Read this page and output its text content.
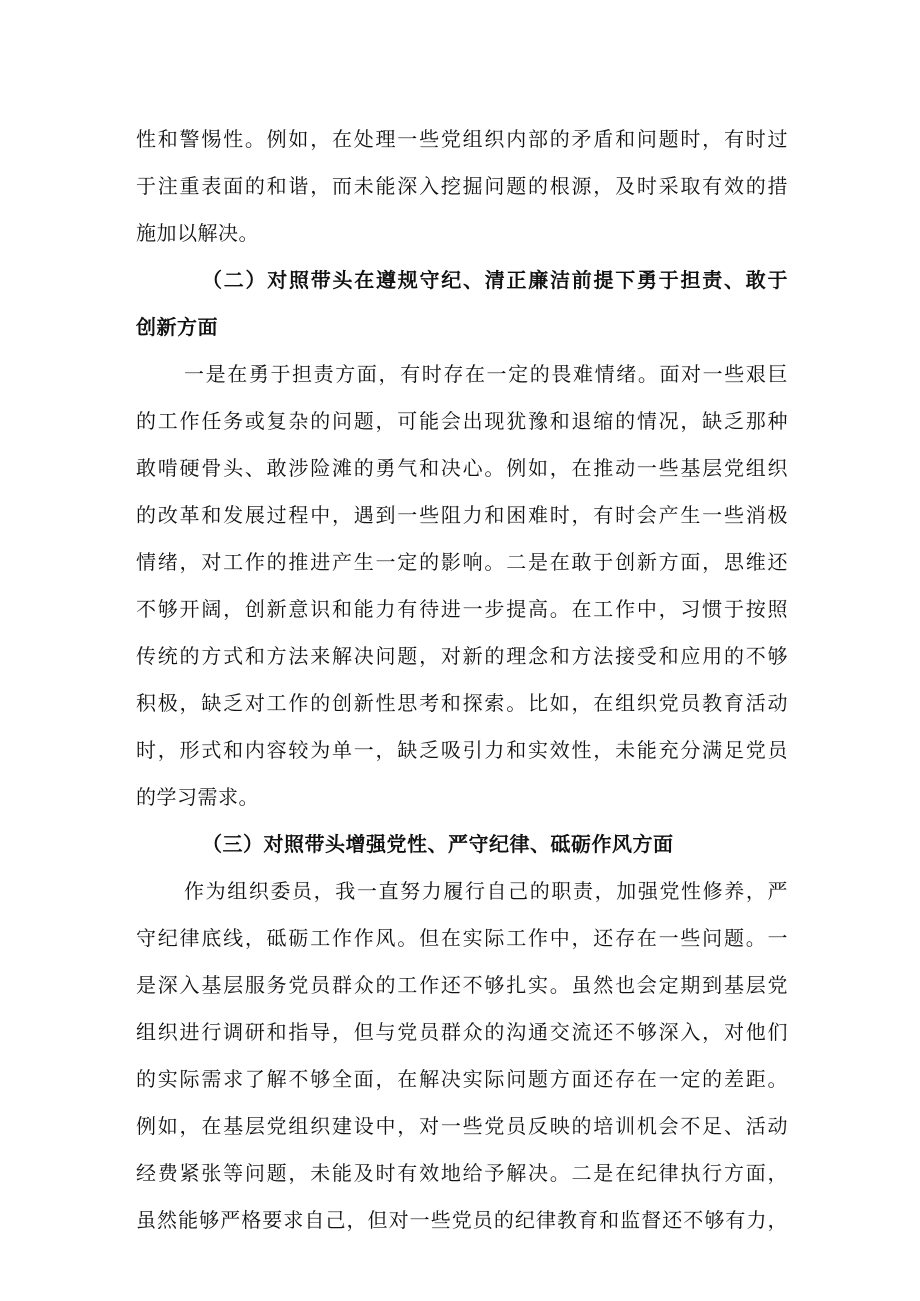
性和警惕性。例如，在处理一些党组织内部的矛盾和问题时，有时过
于注重表面的和谐，而未能深入挖掘问题的根源，及时采取有效的措
施加以解决。
（二）对照带头在遵规守纪、清正廉洁前提下勇于担责、敢于
创新方面
一是在勇于担责方面，有时存在一定的畏难情绪。面对一些艰巨
的工作任务或复杂的问题，可能会出现犹豫和退缩的情况，缺乏那种
敢啃硬骨头、敢涉险滩的勇气和决心。例如，在推动一些基层党组织
的改革和发展过程中，遇到一些阻力和困难时，有时会产生一些消极
情绪，对工作的推进产生一定的影响。二是在敢于创新方面，思维还
不够开阔，创新意识和能力有待进一步提高。在工作中，习惯于按照
传统的方式和方法来解决问题，对新的理念和方法接受和应用的不够
积极，缺乏对工作的创新性思考和探索。比如，在组织党员教育活动
时，形式和内容较为单一，缺乏吸引力和实效性，未能充分满足党员
的学习需求。
（三）对照带头增强党性、严守纪律、砥砺作风方面
作为组织委员，我一直努力履行自己的职责，加强党性修养，严
守纪律底线，砥砺工作作风。但在实际工作中，还存在一些问题。一
是深入基层服务党员群众的工作还不够扎实。虽然也会定期到基层党
组织进行调研和指导，但与党员群众的沟通交流还不够深入，对他们
的实际需求了解不够全面，在解决实际问题方面还存在一定的差距。
例如，在基层党组织建设中，对一些党员反映的培训机会不足、活动
经费紧张等问题，未能及时有效地给予解决。二是在纪律执行方面，
虽然能够严格要求自己，但对一些党员的纪律教育和监督还不够有力，
